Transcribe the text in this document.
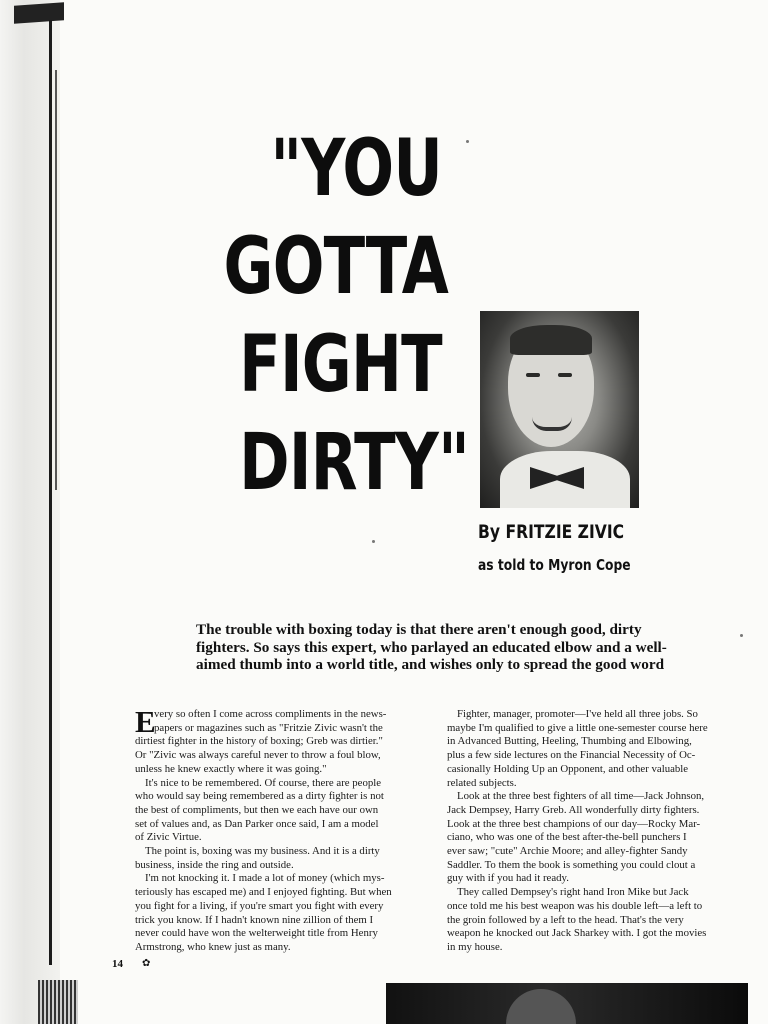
"YOU
GOTTA
FIGHT
DIRTY"
By FRITZIE ZIVIC
as told to Myron Cope
The trouble with boxing today is that there aren't enough good, dirty
fighters. So says this expert, who parlayed an educated elbow and a well-
aimed thumb into a world title, and wishes only to spread the good word
E
very so often I come across compliments in the news-
papers or magazines such as "Fritzie Zivic wasn't the
dirtiest fighter in the history of boxing; Greb was dirtier."
Or "Zivic was always careful never to throw a foul blow,
unless he knew exactly where it was going."
It's nice to be remembered. Of course, there are people
who would say being remembered as a dirty fighter is not
the best of compliments, but then we each have our own
set of values and, as Dan Parker once said, I am a model
of Zivic Virtue.
The point is, boxing was my business. And it is a dirty
business, inside the ring and outside.
I'm not knocking it. I made a lot of money (which mys-
teriously has escaped me) and I enjoyed fighting. But when
you fight for a living, if you're smart you fight with every
trick you know. If I hadn't known nine zillion of them I
never could have won the welterweight title from Henry
Armstrong, who knew just as many.
Fighter, manager, promoter—I've held all three jobs. So
maybe I'm qualified to give a little one-semester course here
in Advanced Butting, Heeling, Thumbing and Elbowing,
plus a few side lectures on the Financial Necessity of Oc-
casionally Holding Up an Opponent, and other valuable
related subjects.
Look at the three best fighters of all time—Jack Johnson,
Jack Dempsey, Harry Greb. All wonderfully dirty fighters.
Look at the three best champions of our day—Rocky Mar-
ciano, who was one of the best after-the-bell punchers I
ever saw; "cute" Archie Moore; and alley-fighter Sandy
Saddler. To them the book is something you could clout a
guy with if you had it ready.
They called Dempsey's right hand Iron Mike but Jack
once told me his best weapon was his double left—a left to
the groin followed by a left to the head. That's the very
weapon he knocked out Jack Sharkey with. I got the movies
in my house.
14 ✿
